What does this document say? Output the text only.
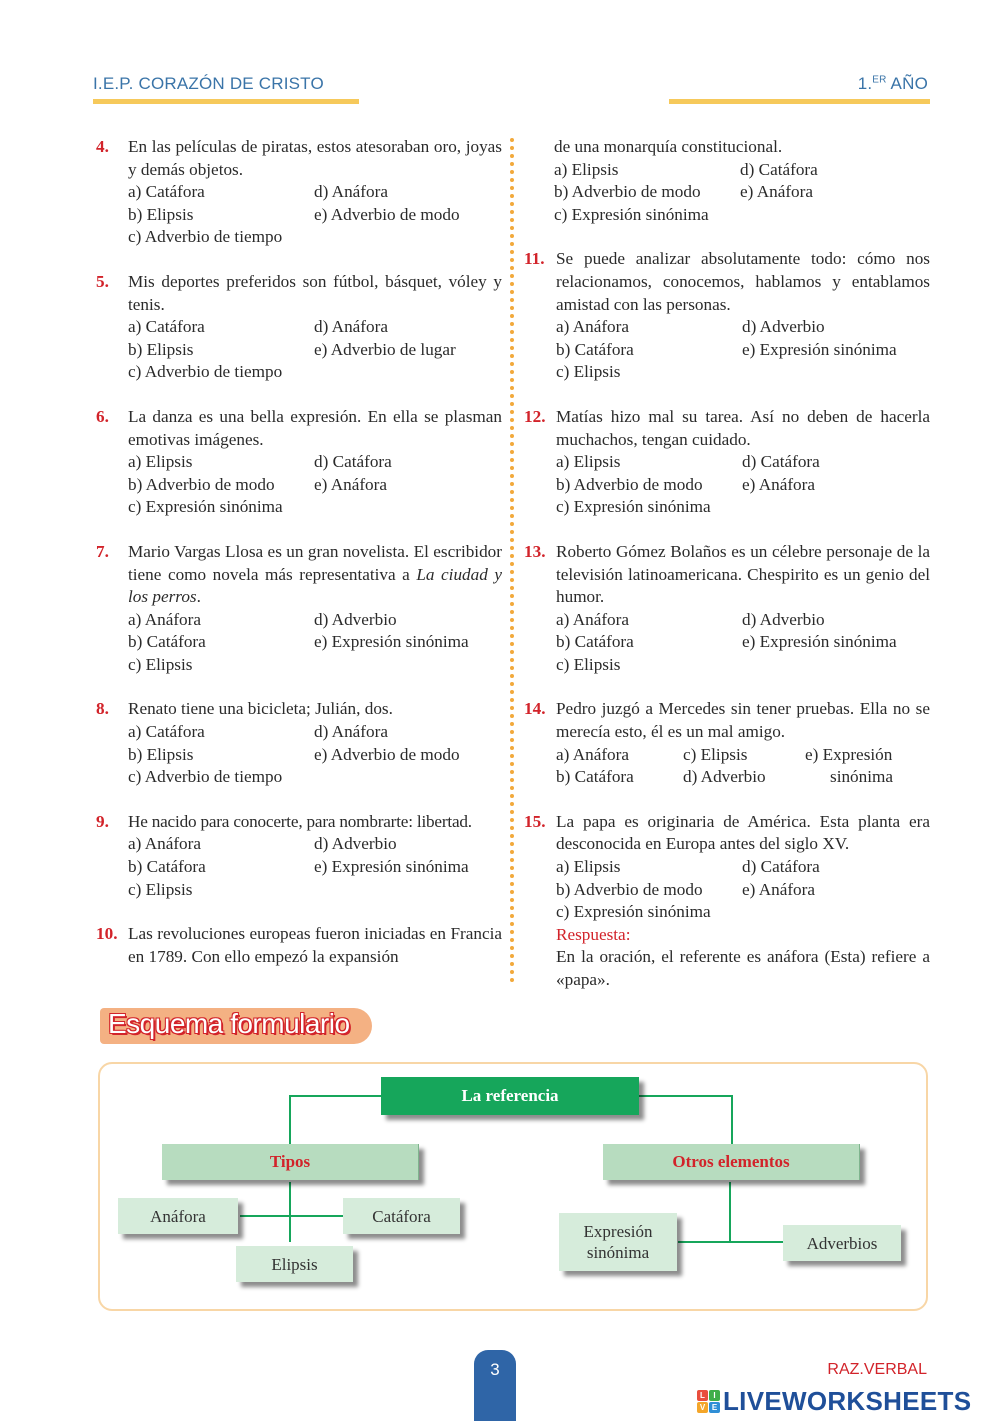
I.E.P. CORAZÓN DE CRISTO	1.$^{ER}$ AÑO
4. En las películas de piratas, estos atesoraban oro, joyas y demás objetos.
a) Catáfora	d) Anáfora
b) Elipsis	e) Adverbio de modo
c) Adverbio de tiempo
5. Mis deportes preferidos son fútbol, básquet, vóley y tenis.
a) Catáfora	d) Anáfora
b) Elipsis	e) Adverbio de lugar
c) Adverbio de tiempo
6. La danza es una bella expresión. En ella se plasman emotivas imágenes.
a) Elipsis	d) Catáfora
b) Adverbio de modo	e) Anáfora
c) Expresión sinónima
7. Mario Vargas Llosa es un gran novelista. El escribidor tiene como novela más representativa a La ciudad y los perros.
a) Anáfora	d) Adverbio
b) Catáfora	e) Expresión sinónima
c) Elipsis
8. Renato tiene una bicicleta; Julián, dos.
a) Catáfora	d) Anáfora
b) Elipsis	e) Adverbio de modo
c) Adverbio de tiempo
9. He nacido para conocerte, para nombrarte: libertad.
a) Anáfora	d) Adverbio
b) Catáfora	e) Expresión sinónima
c) Elipsis
10. Las revoluciones europeas fueron iniciadas en Francia en 1789. Con ello empezó la expansión
de una monarquía constitucional.
a) Elipsis	d) Catáfora
b) Adverbio de modo	e) Anáfora
c) Expresión sinónima
11. Se puede analizar absolutamente todo: cómo nos relacionamos, conocemos, hablamos y entablamos amistad con las personas.
a) Anáfora	d) Adverbio
b) Catáfora	e) Expresión sinónima
c) Elipsis
12. Matías hizo mal su tarea. Así no deben de hacerla muchachos, tengan cuidado.
a) Elipsis	d) Catáfora
b) Adverbio de modo	e) Anáfora
c) Expresión sinónima
13. Roberto Gómez Bolaños es un célebre personaje de la televisión latinoamericana. Chespirito es un genio del humor.
a) Anáfora	d) Adverbio
b) Catáfora	e) Expresión sinónima
c) Elipsis
14. Pedro juzgó a Mercedes sin tener pruebas. Ella no se merecía esto, él es un mal amigo.
a) Anáfora	c) Elipsis	e) Expresión
b) Catáfora	d) Adverbio	sinónima
15. La papa es originaria de América. Esta planta era desconocida en Europa antes del siglo XV.
a) Elipsis	d) Catáfora
b) Adverbio de modo	e) Anáfora
c) Expresión sinónima
Respuesta:
En la oración, el referente es anáfora (Esta) refiere a «papa».
Esquema formulario
La referencia
Tipos	Otros elementos
Anáfora	Catáfora
Elipsis
Expresión sinónima	Adverbios
3	RAZ.VERBAL
L	I
V E LIVEWORKSHEETS
